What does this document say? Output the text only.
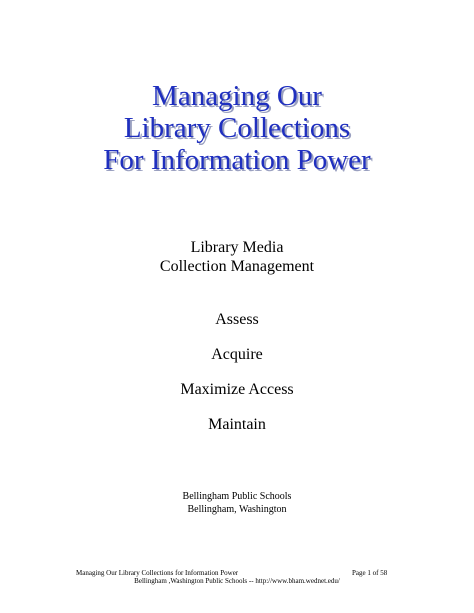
Managing Our
Library Collections
For Information Power
Library Media
Collection Management
Assess
Acquire
Maximize Access
Maintain
Bellingham Public Schools
Bellingham, Washington
Managing Our Library Collections for Information Power	Page 1 of 58
Bellingham ,Washington Public Schools -- http://www.bham.wednet.edu/
